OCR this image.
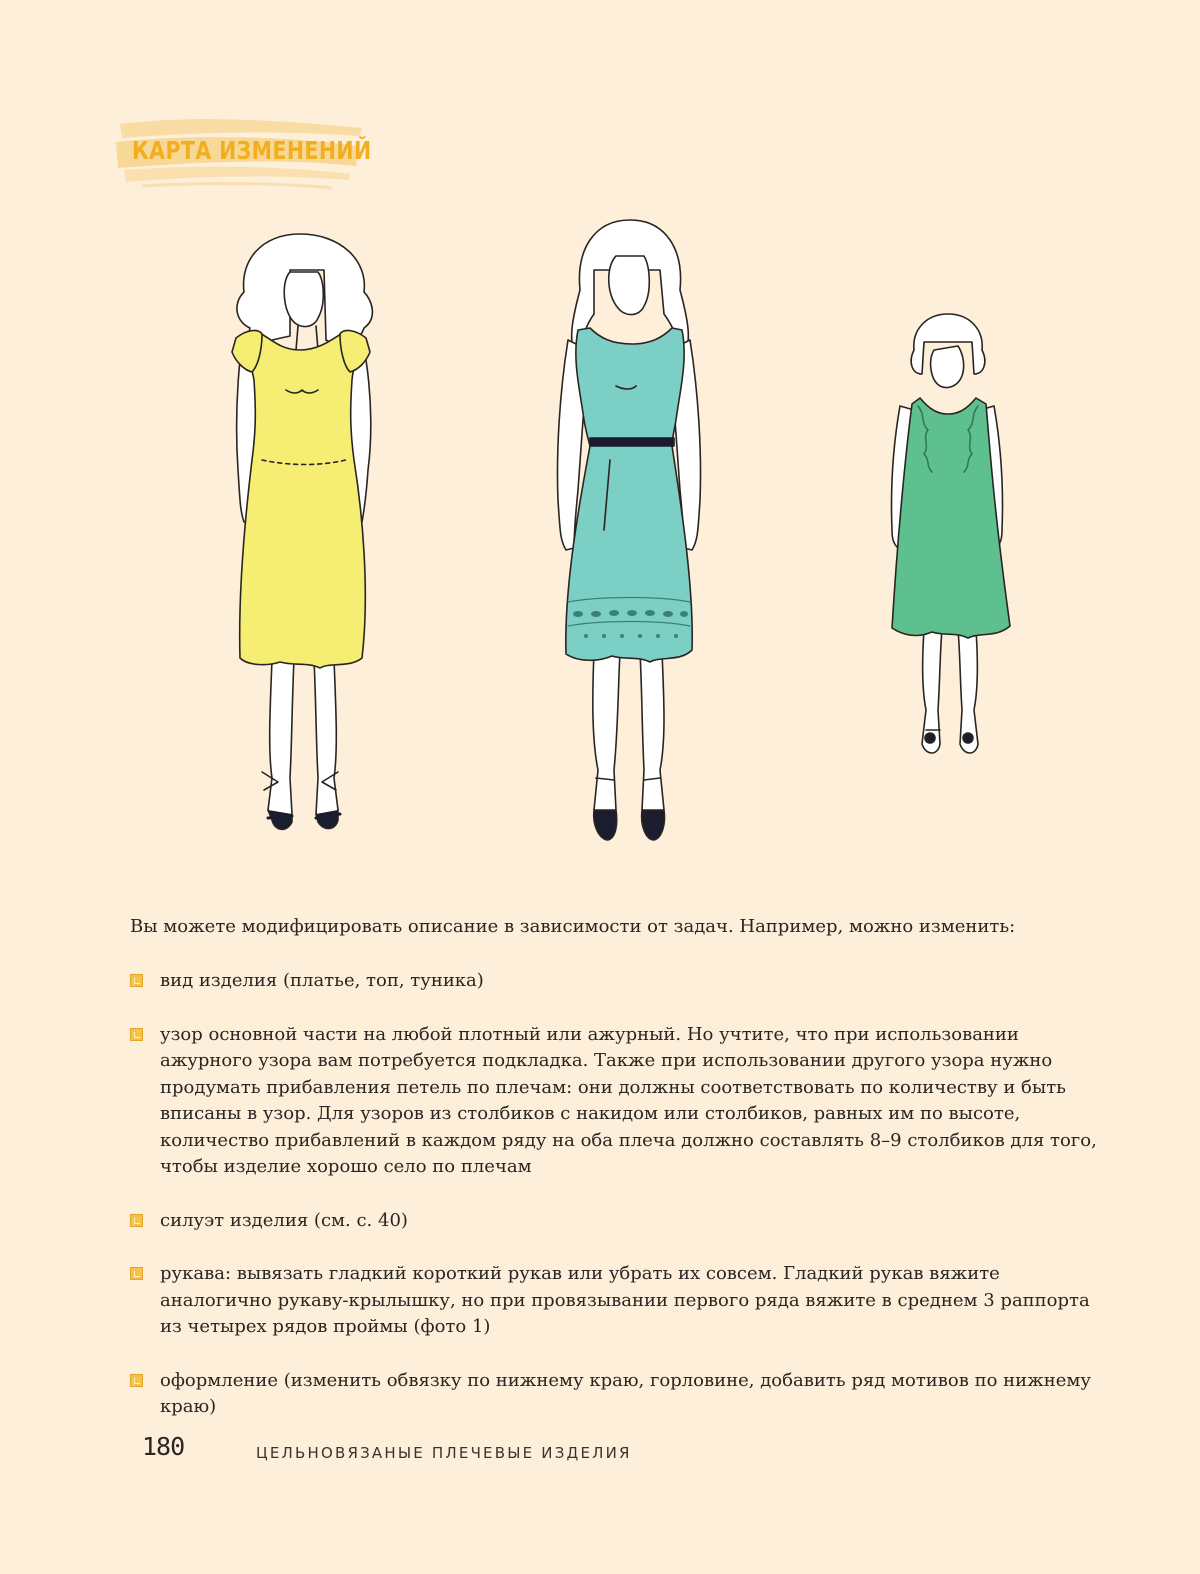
КАРТА ИЗМЕНЕНИЙ
Вы можете модифицировать описание в зависимости от задач. Например, можно изменить:
вид изделия (платье, топ, туника)
узор основной части на любой плотный или ажурный. Но учтите, что при использовании ажурного узора вам потребуется подкладка. Также при использовании другого узора нужно продумать прибавления петель по плечам: они должны соответствовать по количеству и быть вписаны в узор. Для узоров из столбиков с накидом или столбиков, равных им по высоте, количество прибавлений в каждом ряду на оба плеча должно составлять 8–9 столбиков для того, чтобы изделие хорошо село по плечам
силуэт изделия (см. с. 40)
рукава: вывязать гладкий короткий рукав или убрать их совсем. Гладкий рукав вяжите аналогично рукаву-крылышку, но при провязывании первого ряда вяжите в среднем 3 раппорта из четырех рядов проймы (фото 1)
оформление (изменить обвязку по нижнему краю, горловине, добавить ряд мотивов по нижнему краю)
180	ЦЕЛЬНОВЯЗАНЫЕ ПЛЕЧЕВЫЕ ИЗДЕЛИЯ
